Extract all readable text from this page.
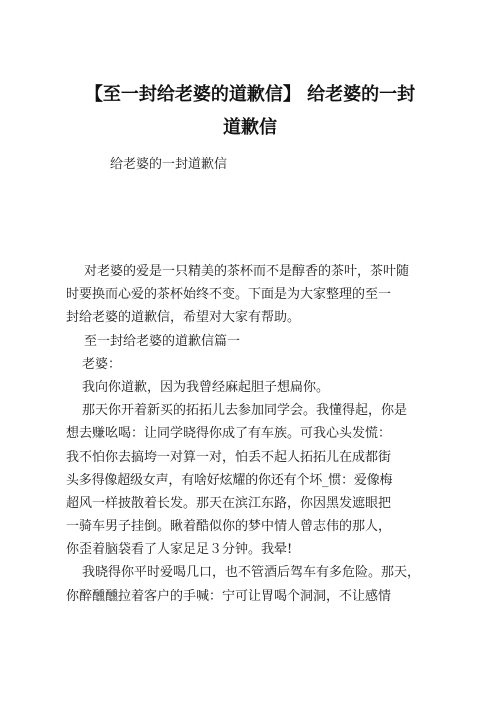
【至一封给老婆的道歉信】 给老婆的一封
道歉信

给老婆的一封道歉信

对老婆的爱是一只精美的茶杯而不是醇香的茶叶，茶叶随
时要换而心爱的茶杯始终不变。下面是为大家整理的至一
封给老婆的道歉信，希望对大家有帮助。
至一封给老婆的道歉信篇一
老婆：
我向你道歉，因为我曾经麻起胆子想扁你。
那天你开着新买的拓拓儿去参加同学会。我懂得起，你是
想去赚吆喝：让同学晓得你成了有车族。可我心头发慌：
我不怕你去搞垮一对算一对，怕丢不起人拓拓儿在成都街
头多得像超级女声，有啥好炫耀的你还有个坏_惯：爱像梅
超风一样披散着长发。那天在滨江东路，你因黑发遮眼把
一骑车男子挂倒。瞅着酷似你的梦中情人曾志伟的那人，
你歪着脑袋看了人家足足３分钟。我晕!
我晓得你平时爱喝几口，也不管酒后驾车有多危险。那天，
你醉醺醺拉着客户的手喊：宁可让胃喝个洞洞，不让感情
